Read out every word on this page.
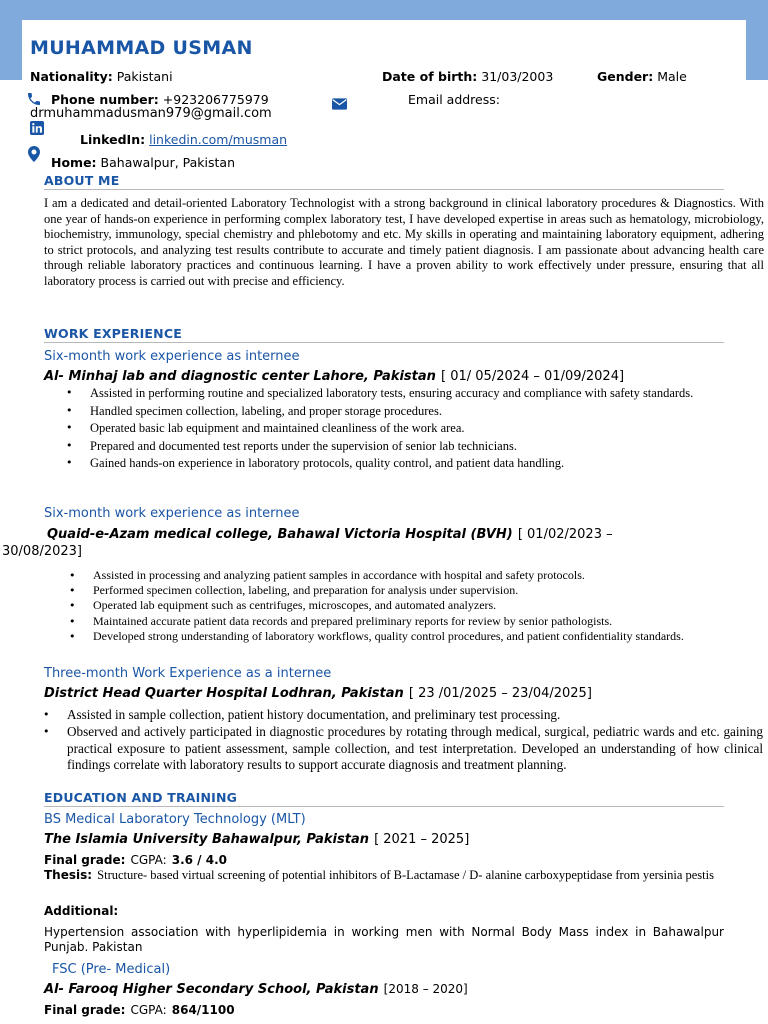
MUHAMMAD USMAN
Nationality: Pakistani	Date of birth: 31/03/2003	Gender: Male
Phone number: +923206775979	Email address:
drmuhammadusman979@gmail.com
LinkedIn: linkedin.com/musman
Home: Bahawalpur, Pakistan
ABOUT ME
I am a dedicated and detail-oriented Laboratory Technologist with a strong background in clinical laboratory procedures & Diagnostics. With one year of hands-on experience in performing complex laboratory test, I have developed expertise in areas such as hematology, microbiology, biochemistry, immunology, special chemistry and phlebotomy and etc. My skills in operating and maintaining laboratory equipment, adhering to strict protocols, and analyzing test results contribute to accurate and timely patient diagnosis. I am passionate about advancing health care through reliable laboratory practices and continuous learning. I have a proven ability to work effectively under pressure, ensuring that all laboratory process is carried out with precise and efficiency.
WORK EXPERIENCE
Six-month work experience as internee
Al- Minhaj lab and diagnostic center Lahore, Pakistan [ 01/ 05/2024 – 01/09/2024]
• Assisted in performing routine and specialized laboratory tests, ensuring accuracy and compliance with safety standards.
• Handled specimen collection, labeling, and proper storage procedures.
• Operated basic lab equipment and maintained cleanliness of the work area.
• Prepared and documented test reports under the supervision of senior lab technicians.
• Gained hands-on experience in laboratory protocols, quality control, and patient data handling.
Six-month work experience as internee
Quaid-e-Azam medical college, Bahawal Victoria Hospital (BVH) [ 01/02/2023 –
30/08/2023]
• Assisted in processing and analyzing patient samples in accordance with hospital and safety protocols.
• Performed specimen collection, labeling, and preparation for analysis under supervision.
• Operated lab equipment such as centrifuges, microscopes, and automated analyzers.
• Maintained accurate patient data records and prepared preliminary reports for review by senior pathologists.
• Developed strong understanding of laboratory workflows, quality control procedures, and patient confidentiality standards.
Three-month Work Experience as a internee
District Head Quarter Hospital Lodhran, Pakistan [ 23 /01/2025 – 23/04/2025]
• Assisted in sample collection, patient history documentation, and preliminary test processing.
• Observed and actively participated in diagnostic procedures by rotating through medical, surgical, pediatric wards and etc. gaining practical exposure to patient assessment, sample collection, and test interpretation. Developed an understanding of how clinical findings correlate with laboratory results to support accurate diagnosis and treatment planning.
EDUCATION AND TRAINING
BS Medical Laboratory Technology (MLT)
The Islamia University Bahawalpur, Pakistan [ 2021 – 2025]
Final grade: CGPA: 3.6 / 4.0
Thesis: Structure- based virtual screening of potential inhibitors of B-Lactamase / D- alanine carboxypeptidase from yersinia pestis
Additional:
Hypertension association with hyperlipidemia in working men with Normal Body Mass index in Bahawalpur Punjab. Pakistan
FSC (Pre- Medical)
Al- Farooq Higher Secondary School, Pakistan [2018 – 2020]
Final grade: CGPA: 864/1100
